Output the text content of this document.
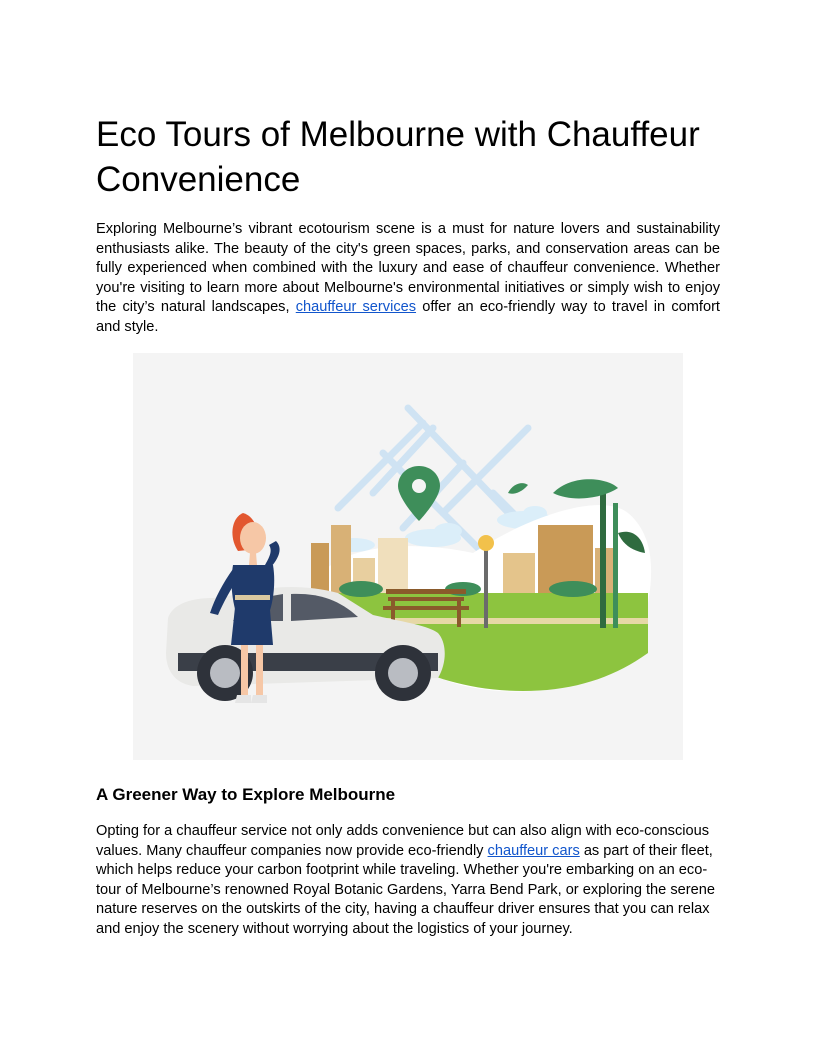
Eco Tours of Melbourne with Chauffeur Convenience

Exploring Melbourne’s vibrant ecotourism scene is a must for nature lovers and sustainability enthusiasts alike. The beauty of the city's green spaces, parks, and conservation areas can be fully experienced when combined with the luxury and ease of chauffeur convenience. Whether you're visiting to learn more about Melbourne's environmental initiatives or simply wish to enjoy the city’s natural landscapes, chauffeur services offer an eco-friendly way to travel in comfort and style.

A Greener Way to Explore Melbourne

Opting for a chauffeur service not only adds convenience but can also align with eco-conscious values. Many chauffeur companies now provide eco-friendly chauffeur cars as part of their fleet, which helps reduce your carbon footprint while traveling. Whether you're embarking on an eco-tour of Melbourne’s renowned Royal Botanic Gardens, Yarra Bend Park, or exploring the serene nature reserves on the outskirts of the city, having a chauffeur driver ensures that you can relax and enjoy the scenery without worrying about the logistics of your journey.
